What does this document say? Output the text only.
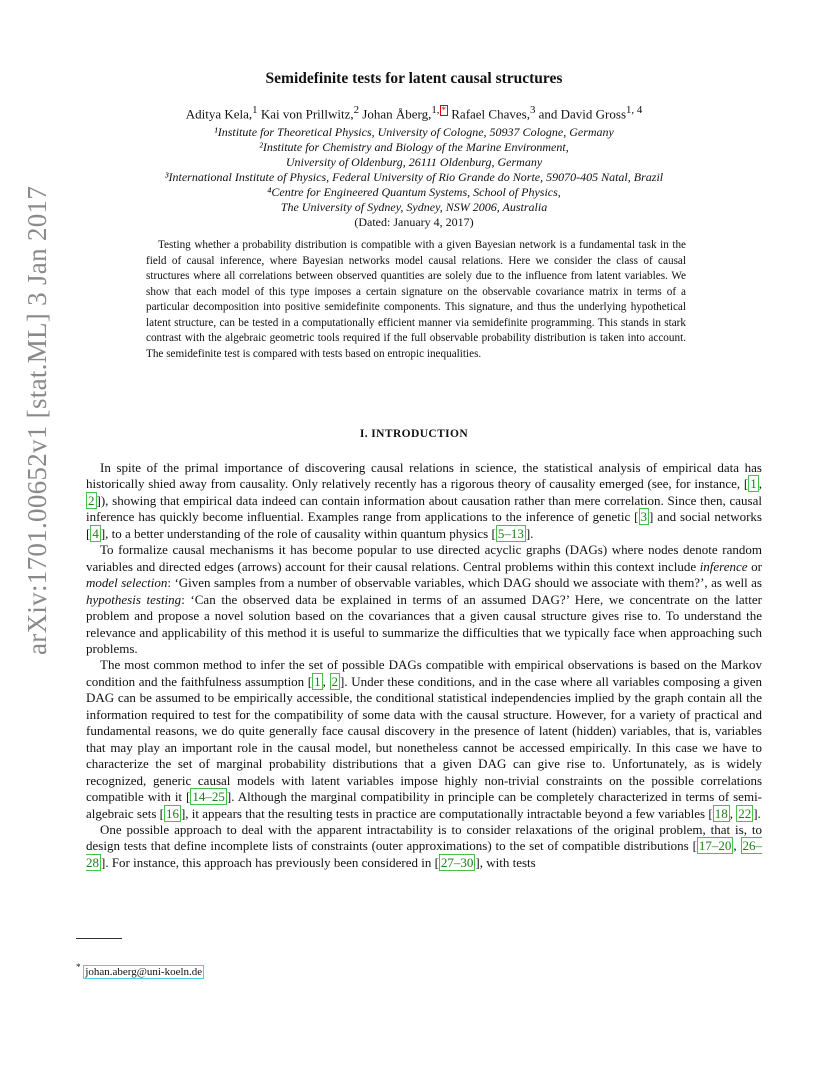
arXiv:1701.00652v1 [stat.ML] 3 Jan 2017
Semidefinite tests for latent causal structures
Aditya Kela,$^1$ Kai von Prillwitz,$^2$ Johan Åberg,$^{1,}$ * Rafael Chaves,$^3$ and David Gross$^{1, 4}$
¹Institute for Theoretical Physics, University of Cologne, 50937 Cologne, Germany
²Institute for Chemistry and Biology of the Marine Environment,
University of Oldenburg, 26111 Oldenburg, Germany
³International Institute of Physics, Federal University of Rio Grande do Norte, 59070-405 Natal, Brazil
⁴Centre for Engineered Quantum Systems, School of Physics,
The University of Sydney, Sydney, NSW 2006, Australia
(Dated: January 4, 2017)
Testing whether a probability distribution is compatible with a given Bayesian network is a fundamental task in the field of causal inference, where Bayesian networks model causal relations. Here we consider the class of causal structures where all correlations between observed quantities are solely due to the influence from latent variables. We show that each model of this type imposes a certain signature on the observable covariance matrix in terms of a particular decomposition into positive semidefinite components. This signature, and thus the underlying hypothetical latent structure, can be tested in a computationally efficient manner via semidefinite programming. This stands in stark contrast with the algebraic geometric tools required if the full observable probability distribution is taken into account. The semidefinite test is compared with tests based on entropic inequalities.
I. INTRODUCTION

In spite of the primal importance of discovering causal relations in science, the statistical analysis of empirical data has historically shied away from causality. Only relatively recently has a rigorous theory of causality emerged (see, for instance, [ 1 , 2 ]), showing that empirical data indeed can contain information about causation rather than mere correlation. Since then, causal inference has quickly become influential. Examples range from applications to the inference of genetic [ 3 ] and social networks [ 4 ], to a better understanding of the role of causality within quantum physics [ 5–13 ].

To formalize causal mechanisms it has become popular to use directed acyclic graphs (DAGs) where nodes denote random variables and directed edges (arrows) account for their causal relations. Central problems within this context include inference or model selection: ‘Given samples from a number of observable variables, which DAG should we associate with them?’, as well as hypothesis testing: ‘Can the observed data be explained in terms of an assumed DAG?’ Here, we concentrate on the latter problem and propose a novel solution based on the covariances that a given causal structure gives rise to. To understand the relevance and applicability of this method it is useful to summarize the difficulties that we typically face when approaching such problems.

The most common method to infer the set of possible DAGs compatible with empirical observations is based on the Markov condition and the faithfulness assumption [ 1 , 2 ]. Under these conditions, and in the case where all variables composing a given DAG can be assumed to be empirically accessible, the conditional statistical independencies implied by the graph contain all the information required to test for the compatibility of some data with the causal structure. However, for a variety of practical and fundamental reasons, we do quite generally face causal discovery in the presence of latent (hidden) variables, that is, variables that may play an important role in the causal model, but nonetheless cannot be accessed empirically. In this case we have to characterize the set of marginal probability distributions that a given DAG can give rise to. Unfortunately, as is widely recognized, generic causal models with latent variables impose highly non-trivial constraints on the possible correlations compatible with it [ 14–25 ]. Although the marginal compatibility in principle can be completely characterized in terms of semi-algebraic sets [ 16 ], it appears that the resulting tests in practice are computationally intractable beyond a few variables [ 18 , 22 ].

One possible approach to deal with the apparent intractability is to consider relaxations of the original problem, that is, to design tests that define incomplete lists of constraints (outer approximations) to the set of compatible distributions [ 17–20 , 26–28 ]. For instance, this approach has previously been considered in [ 27–30 ], with tests

* johan.aberg@uni-koeln.de
